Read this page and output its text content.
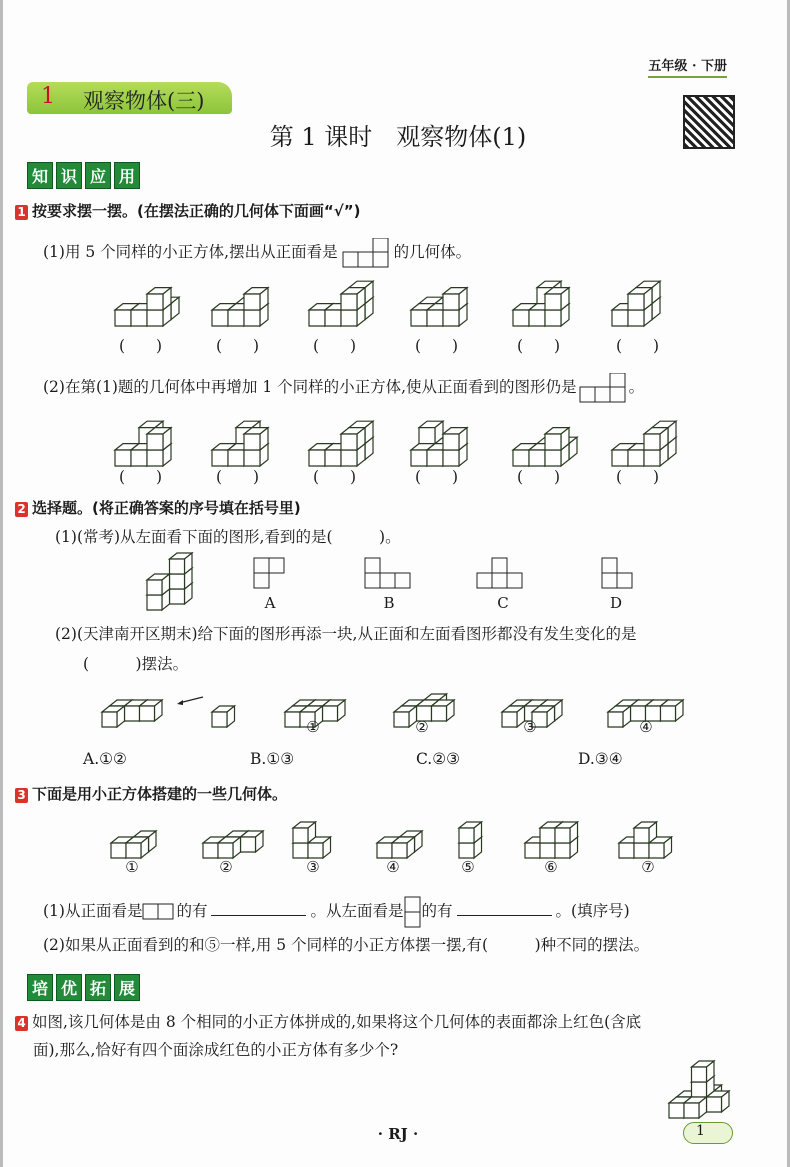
五年级 · 下册
1 观察物体(三)
第 1 课时　观察物体(1)
知 识 应 用
1 按要求摆一摆。(在摆法正确的几何体下面画“√”)
(1)用 5 个同样的小正方体,摆出从正面看是	的几何体。
(2)在第(1)题的几何体中再增加 1 个同样的小正方体,使从正面看到的图形仍是	。
2 选择题。(将正确答案的序号填在括号里)
(1)(常考)从左面看下面的图形,看到的是(　　　)。
(2)(天津南开区期末)给下面的图形再添一块,从正面和左面看图形都没有发生变化的是
(　　　)摆法。
A.①②	B.①③	C.②③	D.③④
3 下面是用小正方体搭建的一些几何体。
(1)从正面看是 的有	。从左面看是 的有	。(填序号)
(2)如果从正面看到的和⑤一样,用 5 个同样的小正方体摆一摆,有(　　　)种不同的摆法。
培 优 拓 展
4 如图,该几何体是由 8 个相同的小正方体拼成的,如果将这个几何体的表面都涂上红色(含底
面),那么,恰好有四个面涂成红色的小正方体有多少个?
· RJ ·	1
(　　)	(　　)	(　　)	(　　)	(　　)	(　　)
(　　)	(　　)	(　　)	(　　)	(　　)	(　　)
A	B	C	D
①	②	③	④
①	②	③	④	⑤	⑥	⑦
